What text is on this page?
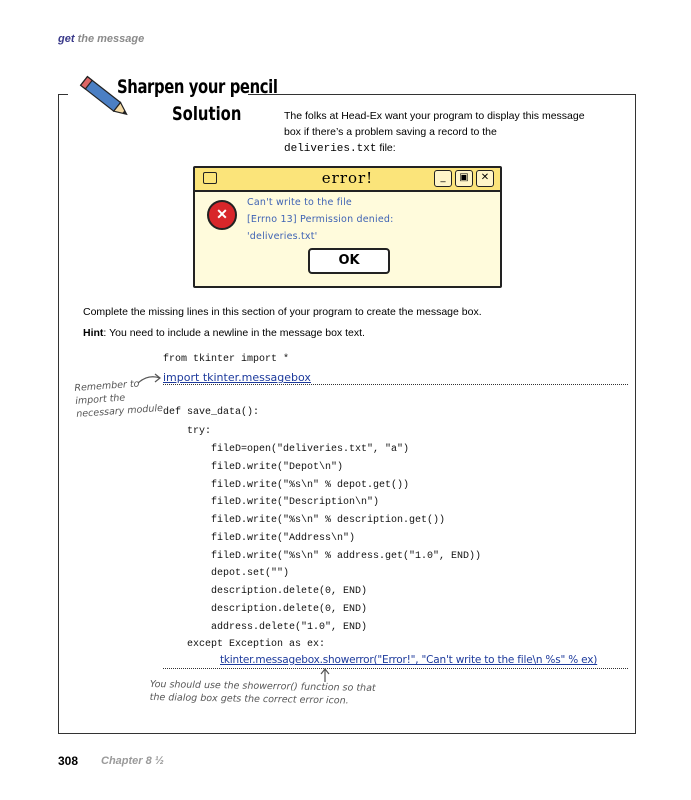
get the message
Sharpen your pencil
Solution	The folks at Head-Ex want your program to display this message box if there’s a problem saving a record to the
deliveries.txt file:
error!	_	▣	✕
✕
Can't write to the file
[Errno 13] Permission denied:
'deliveries.txt'
OK
Complete the missing lines in this section of your program to create the message box.
Hint: You need to include a newline in the message box text.
from tkinter import *
import tkinter.messagebox
def save_data():
try:
fileD=open("deliveries.txt", "a")
fileD.write("Depot\n")
fileD.write("%s\n" % depot.get())
fileD.write("Description\n")
fileD.write("%s\n" % description.get())
fileD.write("Address\n")
fileD.write("%s\n" % address.get("1.0", END))
depot.set("")
description.delete(0, END)
description.delete(0, END)
address.delete("1.0", END)
except Exception as ex:
tkinter.messagebox.showerror("Error!", "Can't write to the file\n %s" % ex)
Remember to
import the
necessary module.
You should use the showerror() function so that
the dialog box gets the correct error icon.
308 Chapter 8 ½
